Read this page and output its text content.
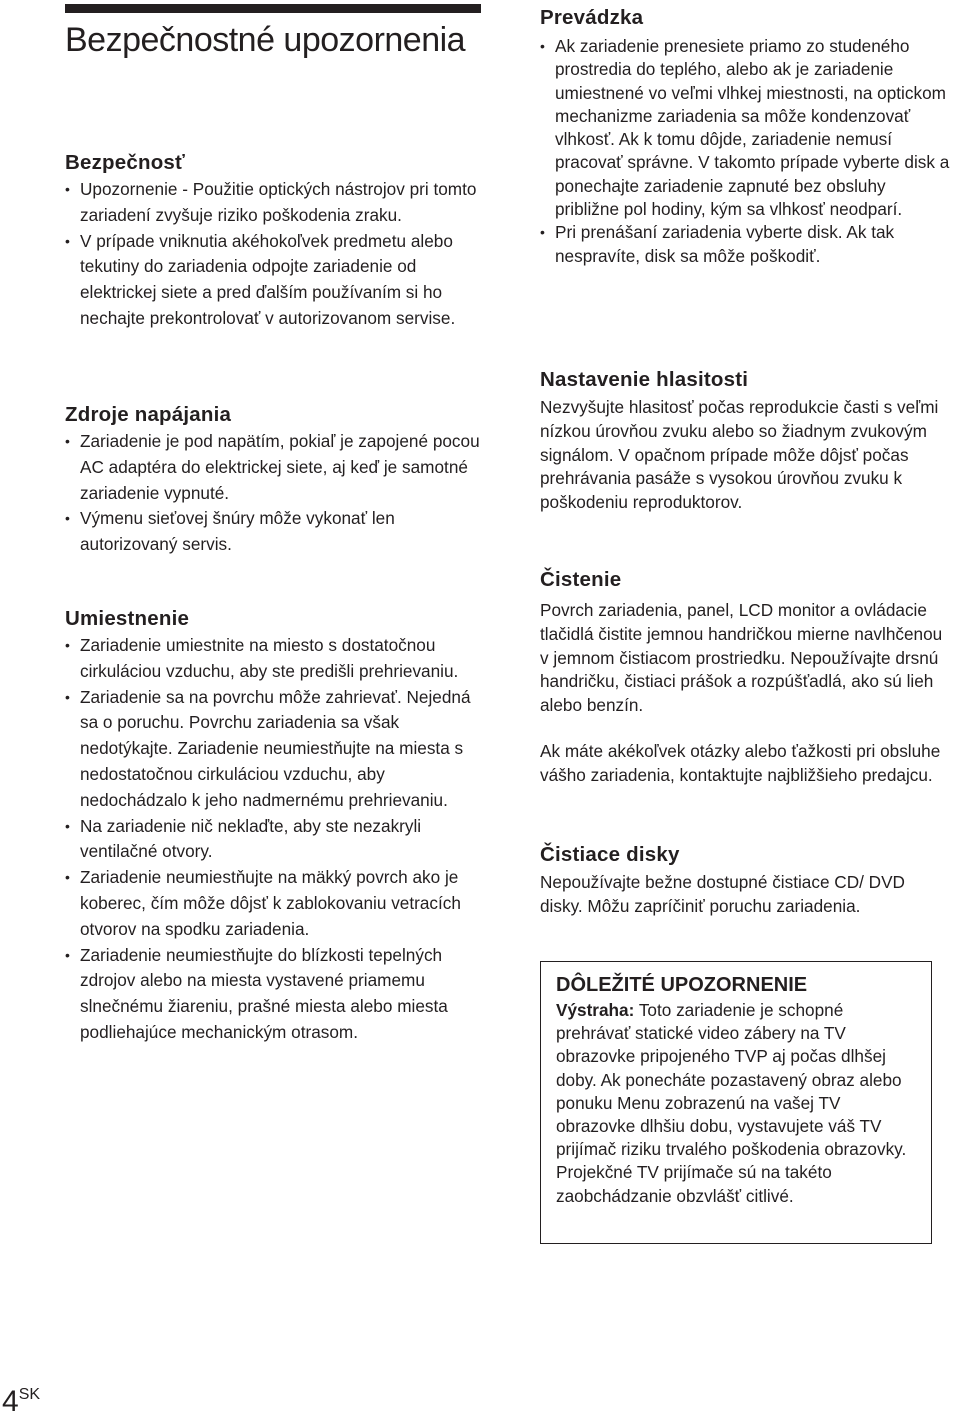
Bezpečnostné upozornenia
Bezpečnosť
• Upozornenie - Použitie optických nástrojov pri tomto zariadení zvyšuje riziko poškodenia zraku.
• V prípade vniknutia akéhokoľvek predmetu alebo tekutiny do zariadenia odpojte zariadenie od elektrickej siete a pred ďalším používaním si ho nechajte prekontrolovať v autorizovanom servise.
Zdroje napájania
• Zariadenie je pod napätím, pokiaľ je zapojené pocou AC adaptéra do elektrickej siete, aj keď je samotné zariadenie vypnuté.
• Výmenu sieťovej šnúry môže vykonať len autorizovaný servis.
Umiestnenie
• Zariadenie umiestnite na miesto s dostatočnou cirkuláciou vzduchu, aby ste predišli prehrievaniu.
• Zariadenie sa na povrchu môže zahrievať. Nejedná sa o poruchu. Povrchu zariadenia sa však nedotýkajte. Zariadenie neumiestňujte na miesta s nedostatočnou cirkuláciou vzduchu, aby nedochádzalo k jeho nadmernému prehrievaniu.
• Na zariadenie nič neklaďte, aby ste nezakryli ventilačné otvory.
• Zariadenie neumiestňujte na mäkký povrch ako je koberec, čím môže dôjsť k zablokovaniu vetracích otvorov na spodku zariadenia.
• Zariadenie neumiestňujte do blízkosti tepelných zdrojov alebo na miesta vystavené priamemu slnečnému žiareniu, prašné miesta alebo miesta podliehajúce mechanickým otrasom.
Prevádzka
• Ak zariadenie prenesiete priamo zo studeného prostredia do teplého, alebo ak je zariadenie umiestnené vo veľmi vlhkej miestnosti, na optickom mechanizme zariadenia sa môže kondenzovať vlhkosť. Ak k tomu dôjde, zariadenie nemusí pracovať správne. V takomto prípade vyberte disk a ponechajte zariadenie zapnuté bez obsluhy približne pol hodiny, kým sa vlhkosť neodparí.
• Pri prenášaní zariadenia vyberte disk. Ak tak nespravíte, disk sa môže poškodiť.
Nastavenie hlasitosti

Nezvyšujte hlasitosť počas reprodukcie časti s veľmi nízkou úrovňou zvuku alebo so žiadnym zvukovým signálom. V opačnom prípade môže dôjsť počas prehrávania pasáže s vysokou úrovňou zvuku k poškodeniu reproduktorov.

Čistenie

Povrch zariadenia, panel, LCD monitor a ovládacie tlačidlá čistite jemnou handričkou mierne navlhčenou v jemnom čistiacom prostriedku. Nepoužívajte drsnú handričku, čistiaci prášok a rozpúšťadlá, ako sú lieh alebo benzín.

Ak máte akékoľvek otázky alebo ťažkosti pri obsluhe vášho zariadenia, kontaktujte najbližšieho predajcu.

Čistiace disky

Nepoužívajte bežne dostupné čistiace CD/ DVD disky. Môžu zapríčiniť poruchu zariadenia.

DÔLEŽITÉ UPOZORNENIE

Výstraha: Toto zariadenie je schopné prehrávať statické video zábery na TV obrazovke pripojeného TVP aj počas dlhšej doby. Ak ponecháte pozastavený obraz alebo ponuku Menu zobrazenú na vašej TV obrazovke dlhšiu dobu, vystavujete váš TV prijímač riziku trvalého poškodenia obrazovky. Projekčné TV prijímače sú na takéto zaobchádzanie obzvlášť citlivé.

$4^{SK}$
